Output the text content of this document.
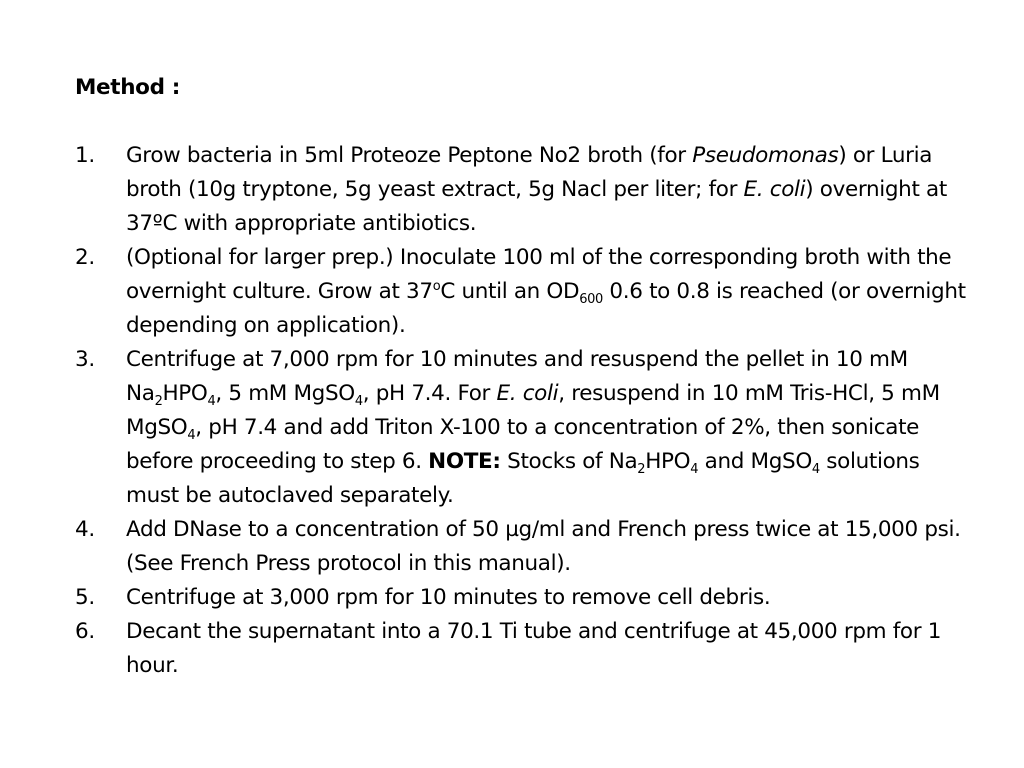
Method :
1. Grow bacteria in 5ml Proteoze Peptone No2 broth (for Pseudomonas) or Luria broth (10g tryptone, 5g yeast extract, 5g Nacl per liter; for E. coli) overnight at 37ºC with appropriate antibiotics.
2. (Optional for larger prep.) Inoculate 100 ml of the corresponding broth with the overnight culture. Grow at 37$^o$C until an $OD_{600}$ 0.6 to 0.8 is reached (or overnight depending on application).
3. Centrifuge at 7,000 rpm for 10 minutes and resuspend the pellet in 10 mM $Na_2HPO_4$, 5 mM MgSO$_4$, pH 7.4. For E. coli, resuspend in 10 mM Tris-HCl, 5 mM MgSO$_4$, pH 7.4 and add Triton X-100 to a concentration of 2%, then sonicate before proceeding to step 6. NOTE: Stocks of $Na_2HPO_4$ and MgSO$_4$ solutions must be autoclaved separately.
4. Add DNase to a concentration of 50 µg/ml and French press twice at 15,000 psi. (See French Press protocol in this manual).
5. Centrifuge at 3,000 rpm for 10 minutes to remove cell debris.
6. Decant the supernatant into a 70.1 Ti tube and centrifuge at 45,000 rpm for 1 hour.
